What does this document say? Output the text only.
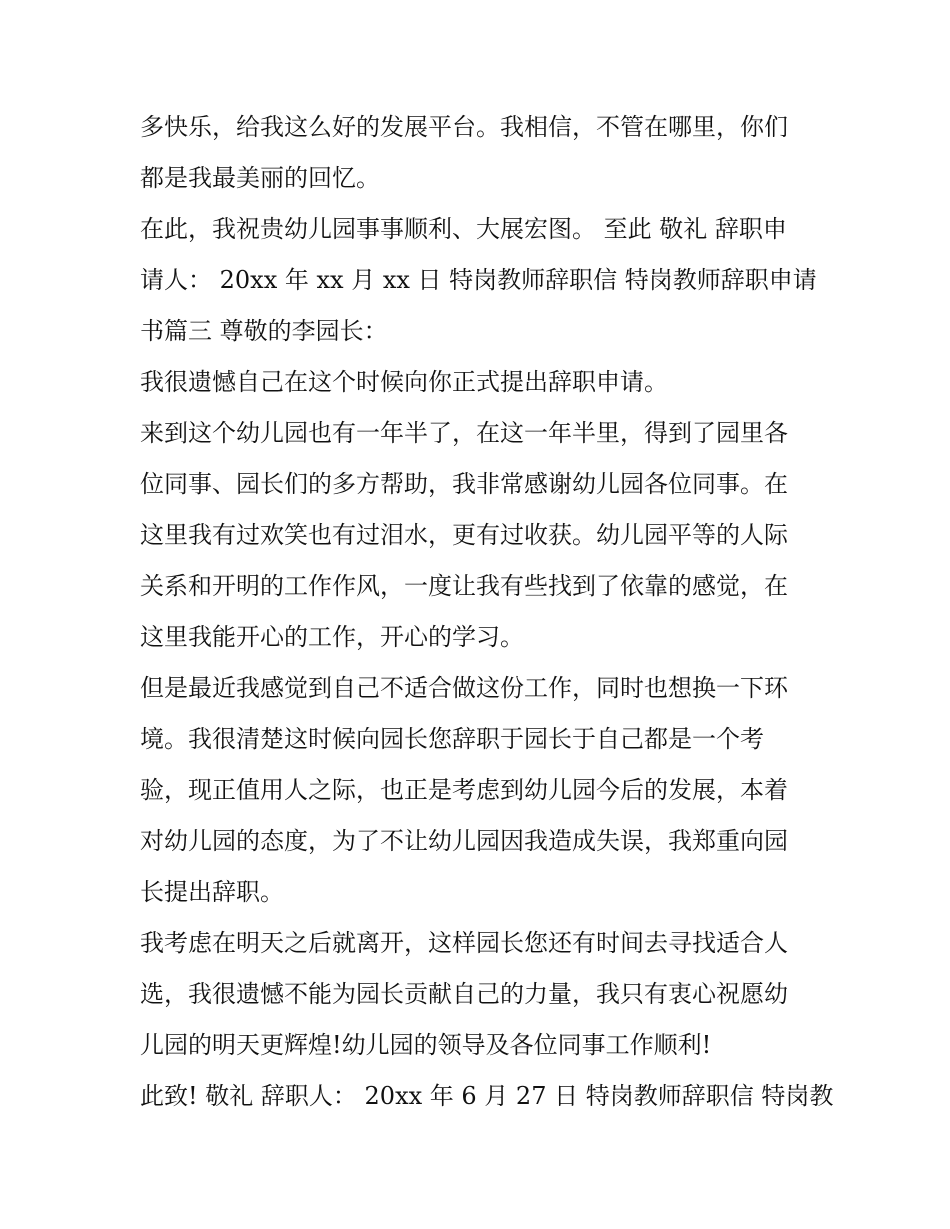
多快乐，给我这么好的发展平台。我相信，不管在哪里，你们
都是我最美丽的回忆。
在此，我祝贵幼儿园事事顺利、大展宏图。 至此 敬礼 辞职申
请人： 20xx 年 xx 月 xx 日 特岗教师辞职信 特岗教师辞职申请
书篇三 尊敬的李园长：
我很遗憾自己在这个时候向你正式提出辞职申请。
来到这个幼儿园也有一年半了，在这一年半里，得到了园里各
位同事、园长们的多方帮助，我非常感谢幼儿园各位同事。在
这里我有过欢笑也有过泪水，更有过收获。幼儿园平等的人际
关系和开明的工作作风，一度让我有些找到了依靠的感觉，在
这里我能开心的工作，开心的学习。
但是最近我感觉到自己不适合做这份工作，同时也想换一下环
境。我很清楚这时候向园长您辞职于园长于自己都是一个考
验，现正值用人之际，也正是考虑到幼儿园今后的发展，本着
对幼儿园的态度，为了不让幼儿园因我造成失误，我郑重向园
长提出辞职。
我考虑在明天之后就离开，这样园长您还有时间去寻找适合人
选，我很遗憾不能为园长贡献自己的力量，我只有衷心祝愿幼
儿园的明天更辉煌!幼儿园的领导及各位同事工作顺利!
此致! 敬礼 辞职人： 20xx 年 6 月 27 日 特岗教师辞职信 特岗教
